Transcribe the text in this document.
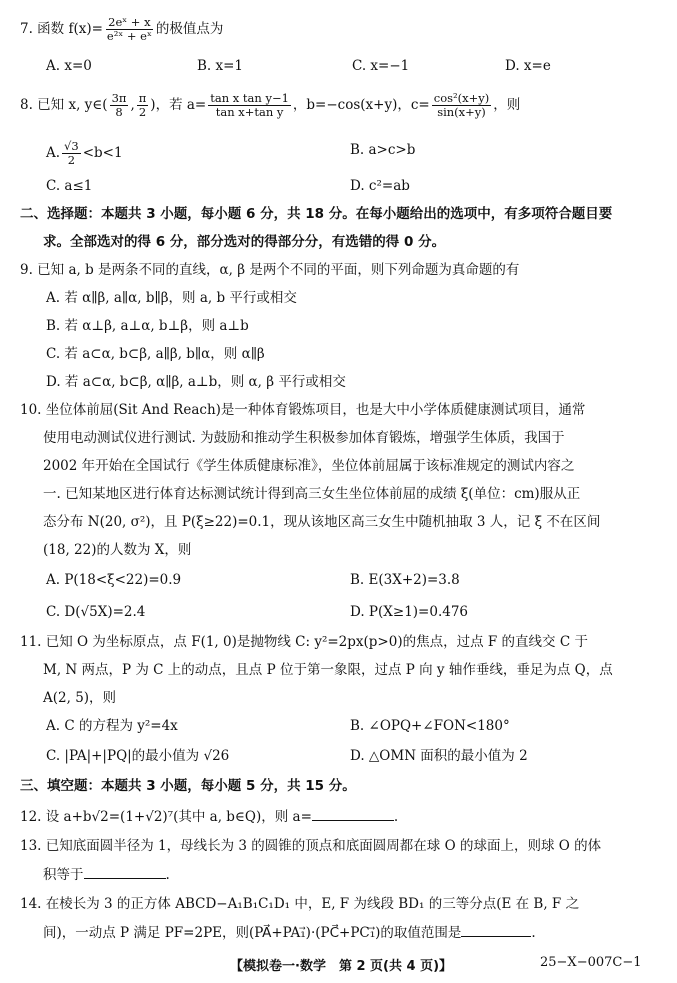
7. 函数 $f(x)= \frac{\text{2eˣ + x}}{\text{e²ˣ + eˣ}}$ 的极值点为
A. x=0	B. x=1	C. x=−1	D. x=e
8. 已知 x, y∈( $\frac{3\pi}{8}$ , $\frac{\pi}{2}$ )，若 $a= \frac{\text{tan x tan y−1}}{\text{tan x+tan y}}$ ，b=−cos(x+y)，$c= \frac{\text{cos²(x+y)}}{\sin(x+y)}$ ，则
A. $\frac{√3}{2} <b<1$	B. a>c>b
C. a≤1	D. c²=ab
二、选择题：本题共 3 小题，每小题 6 分，共 18 分。在每小题给出的选项中，有多项符合题目要
求。全部选对的得 6 分，部分选对的得部分分，有选错的得 0 分。
9. 已知 a, b 是两条不同的直线，α, β 是两个不同的平面，则下列命题为真命题的有
A. 若 α∥β, a∥α, b∥β，则 a, b 平行或相交
B. 若 α⊥β, a⊥α, b⊥β，则 a⊥b
C. 若 a⊂α, b⊂β, a∥β, b∥α，则 α∥β
D. 若 a⊂α, b⊂β, α∥β, a⊥b，则 α, β 平行或相交
10. 坐位体前屈(Sit And Reach)是一种体育锻炼项目，也是大中小学体质健康测试项目，通常
使用电动测试仪进行测试. 为鼓励和推动学生积极参加体育锻炼，增强学生体质，我国于
2002 年开始在全国试行《学生体质健康标准》，坐位体前屈属于该标准规定的测试内容之
一. 已知某地区进行体育达标测试统计得到高三女生坐位体前屈的成绩 ξ(单位：cm)服从正
态分布 N(20, σ²)，且 P(ξ≥22)=0.1，现从该地区高三女生中随机抽取 3 人，记 ξ 不在区间
(18, 22)的人数为 X，则
A. P(18<ξ<22)=0.9	B. E(3X+2)=3.8
C. D(√5X)=2.4	D. P(X≥1)=0.476
11. 已知 O 为坐标原点，点 F(1, 0)是抛物线 C: y²=2px(p>0)的焦点，过点 F 的直线交 C 于
M, N 两点，P 为 C 上的动点，且点 P 位于第一象限，过点 P 向 y 轴作垂线，垂足为点 Q，点
A(2, 5)，则
A. C 的方程为 y²=4x	B. ∠OPQ+∠FON<180°
C. |PA|+|PQ|的最小值为 √26	D. △OMN 面积的最小值为 2
三、填空题：本题共 3 小题，每小题 5 分，共 15 分。
12. 设 a+b√2=(1+√2)⁷(其中 a, b∈Q)，则 a=	.
13. 已知底面圆半径为 1，母线长为 3 的圆锥的顶点和底面圆周都在球 O 的球面上，则球 O 的体
积等于	.
14. 在棱长为 3 的正方体 ABCD−A₁B₁C₁D₁ 中，E, F 为线段 BD₁ 的三等分点(E 在 B, F 之
间)，一动点 P 满足 PF=2PE，则(PA⃗+PA₁⃗)·(PC⃗+PC₁⃗)的取值范围是	.
【模拟卷一·数学　第 2 页(共 4 页)】	25−X−007C−1
